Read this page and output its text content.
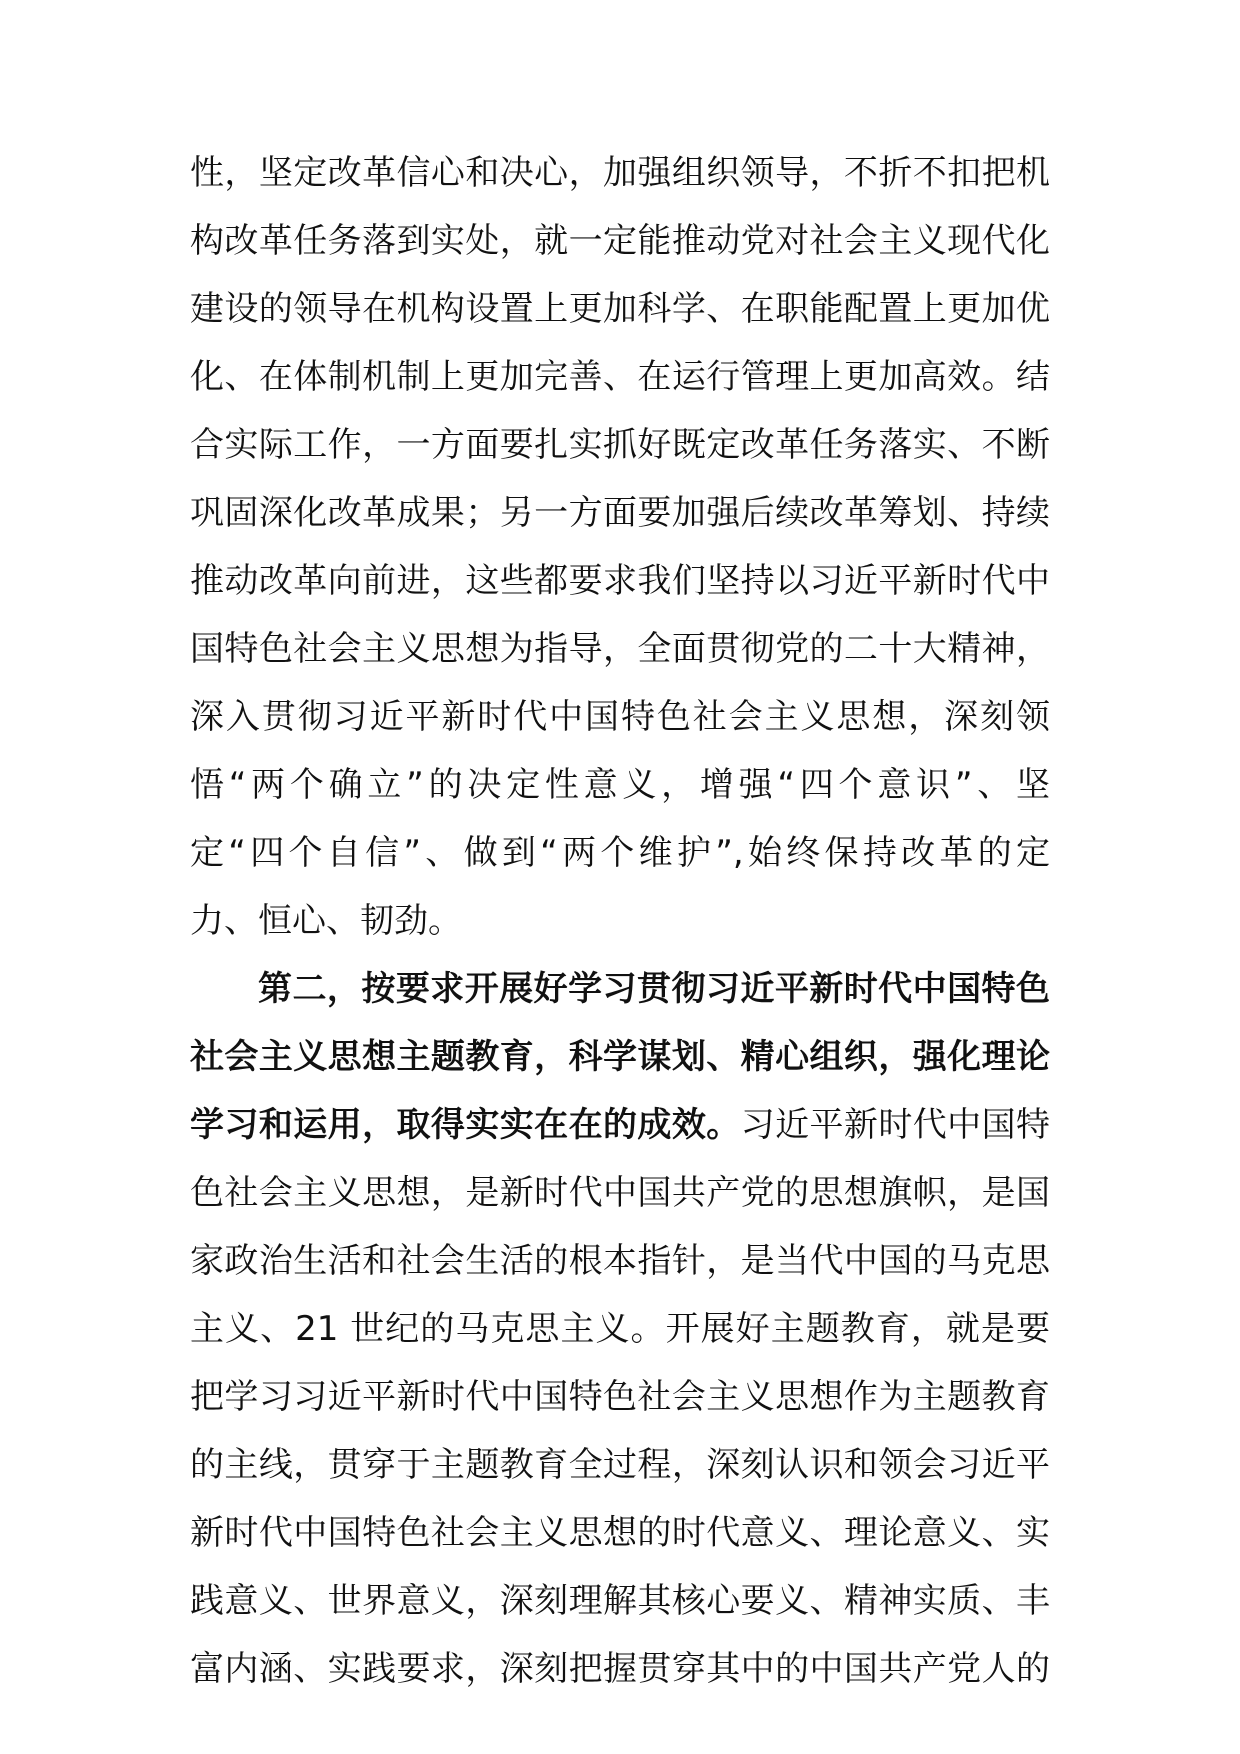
性，坚定改革信心和决心，加强组织领导，不折不扣把机
构改革任务落到实处，就一定能推动党对社会主义现代化
建设的领导在机构设置上更加科学、在职能配置上更加优
化、在体制机制上更加完善、在运行管理上更加高效。结
合实际工作，一方面要扎实抓好既定改革任务落实、不断
巩固深化改革成果；另一方面要加强后续改革筹划、持续
推动改革向前进，这些都要求我们坚持以习近平新时代中
国特色社会主义思想为指导，全面贯彻党的二十大精神，
深入贯彻习近平新时代中国特色社会主义思想，深刻领
悟“两个确立”的决定性意义，增强“四个意识”、坚
定“四个自信”、做到“两个维护”,始终保持改革的定
力、恒心、韧劲。
第二，按要求开展好学习贯彻习近平新时代中国特色
社会主义思想主题教育，科学谋划、精心组织，强化理论
学习和运用，取得实实在在的成效。习近平新时代中国特
色社会主义思想，是新时代中国共产党的思想旗帜，是国
家政治生活和社会生活的根本指针，是当代中国的马克思
主义、21 世纪的马克思主义。开展好主题教育，就是要
把学习习近平新时代中国特色社会主义思想作为主题教育
的主线，贯穿于主题教育全过程，深刻认识和领会习近平
新时代中国特色社会主义思想的时代意义、理论意义、实
践意义、世界意义，深刻理解其核心要义、精神实质、丰
富内涵、实践要求，深刻把握贯穿其中的中国共产党人的
